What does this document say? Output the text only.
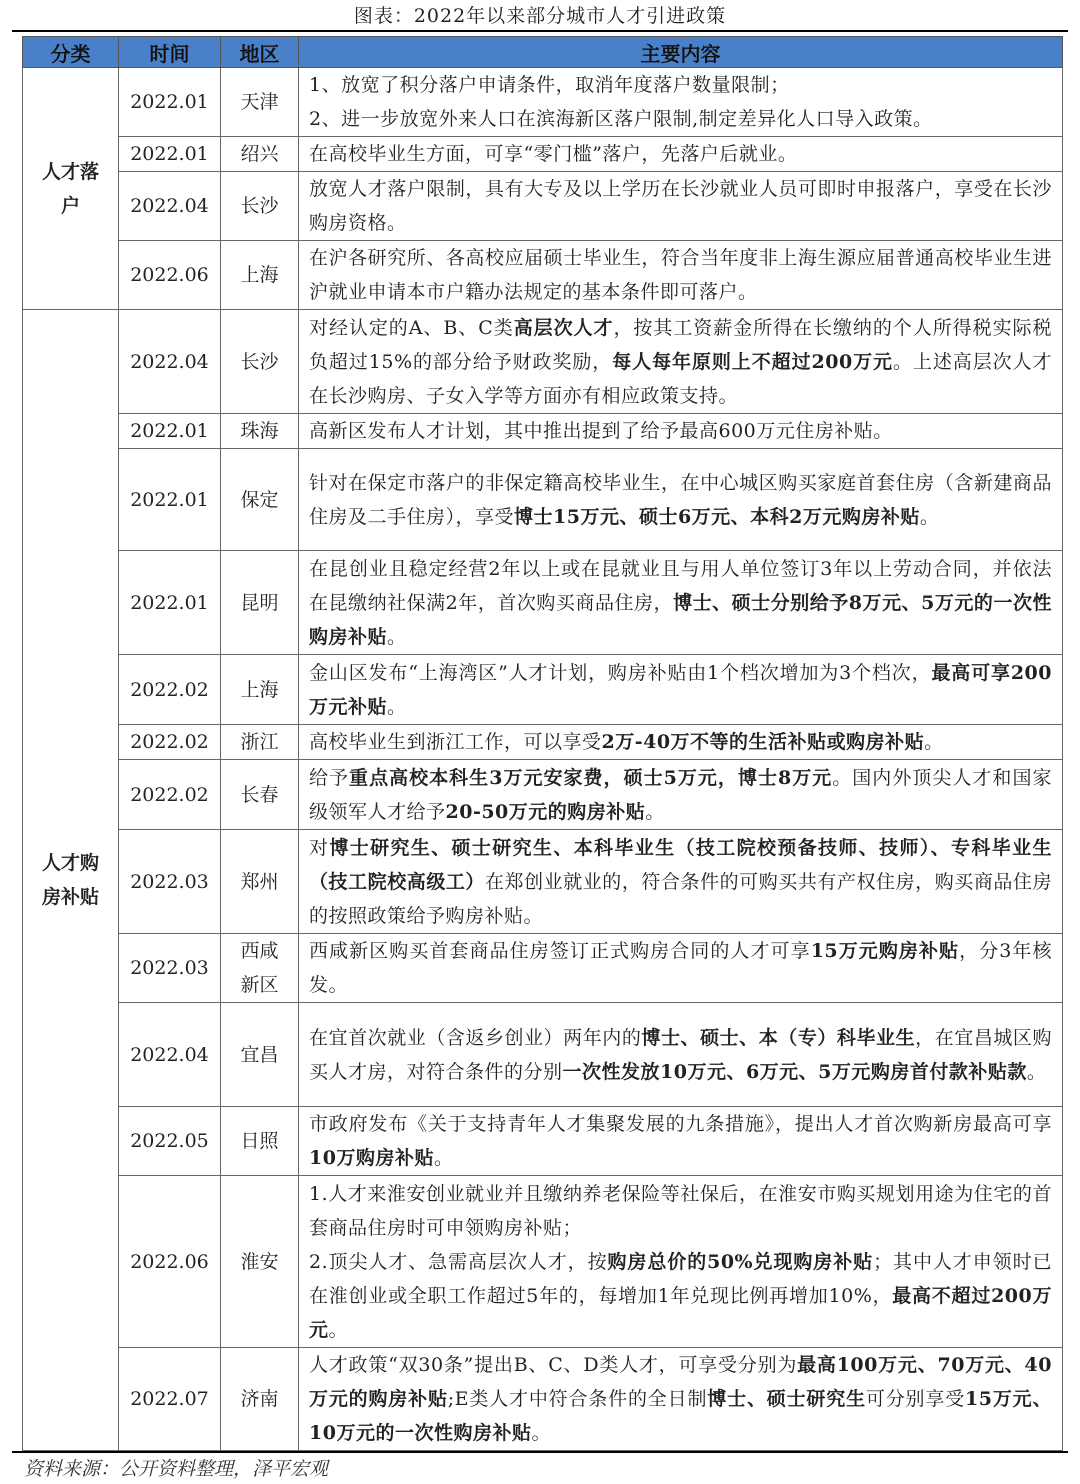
图表：2022年以来部分城市人才引进政策
分类	时间	地区	主要内容
人才落户	2022.01	天津	1、放宽了积分落户申请条件，取消年度落户数量限制；
2、进一步放宽外来人口在滨海新区落户限制,制定差异化人口导入政策。

	2022.01	绍兴	在高校毕业生方面，可享“零门槛”落户，先落户后就业。

	2022.04	长沙	放宽人才落户限制，具有大专及以上学历在长沙就业人员可即时申报落户，享受在长沙购房资格。

	2022.06	上海	在沪各研究所、各高校应届硕士毕业生，符合当年度非上海生源应届普通高校毕业生进沪就业申请本市户籍办法规定的基本条件即可落户。

人才购房补贴	2022.04	长沙	对经认定的A、B、C类高层次人才，按其工资薪金所得在长缴纳的个人所得税实际税负超过15%的部分给予财政奖励，每人每年原则上不超过200万元。上述高层次人才在长沙购房、子女入学等方面亦有相应政策支持。

	2022.01	珠海	高新区发布人才计划，其中推出提到了给予最高600万元住房补贴。

	2022.01	保定	针对在保定市落户的非保定籍高校毕业生，在中心城区购买家庭首套住房（含新建商品住房及二手住房），享受博士15万元、硕士6万元、本科2万元购房补贴。

	2022.01	昆明	在昆创业且稳定经营2年以上或在昆就业且与用人单位签订3年以上劳动合同，并依法在昆缴纳社保满2年，首次购买商品住房，博士、硕士分别给予8万元、5万元的一次性购房补贴。

	2022.02	上海	金山区发布“上海湾区”人才计划，购房补贴由1个档次增加为3个档次，最高可享200万元补贴。

	2022.02	浙江	高校毕业生到浙江工作，可以享受2万-40万不等的生活补贴或购房补贴。

	2022.02	长春	给予重点高校本科生3万元安家费，硕士5万元，博士8万元。国内外顶尖人才和国家级领军人才给予20-50万元的购房补贴。

	2022.03	郑州	对博士研究生、硕士研究生、本科毕业生（技工院校预备技师、技师）、专科毕业生（技工院校高级工）在郑创业就业的，符合条件的可购买共有产权住房，购买商品住房的按照政策给予购房补贴。

	2022.03	西咸新区	西咸新区购买首套商品住房签订正式购房合同的人才可享15万元购房补贴，分3年核发。

	2022.04	宜昌	在宜首次就业（含返乡创业）两年内的博士、硕士、本（专）科毕业生，在宜昌城区购买人才房，对符合条件的分别一次性发放10万元、6万元、5万元购房首付款补贴款。

	2022.05	日照	市政府发布《关于支持青年人才集聚发展的九条措施》，提出人才首次购新房最高可享10万购房补贴。

	2022.06	淮安	1.人才来淮安创业就业并且缴纳养老保险等社保后，在淮安市购买规划用途为住宅的首套商品住房时可申领购房补贴；
2.顶尖人才、急需高层次人才，按购房总价的50%兑现购房补贴；其中人才申领时已在淮创业或全职工作超过5年的，每增加1年兑现比例再增加10%，最高不超过200万元。

	2022.07	济南	人才政策“双30条”提出B、C、D类人才，可享受分别为最高100万元、70万元、40万元的购房补贴;E类人才中符合条件的全日制博士、硕士研究生可分别享受15万元、10万元的一次性购房补贴。
资料来源：公开资料整理，泽平宏观
